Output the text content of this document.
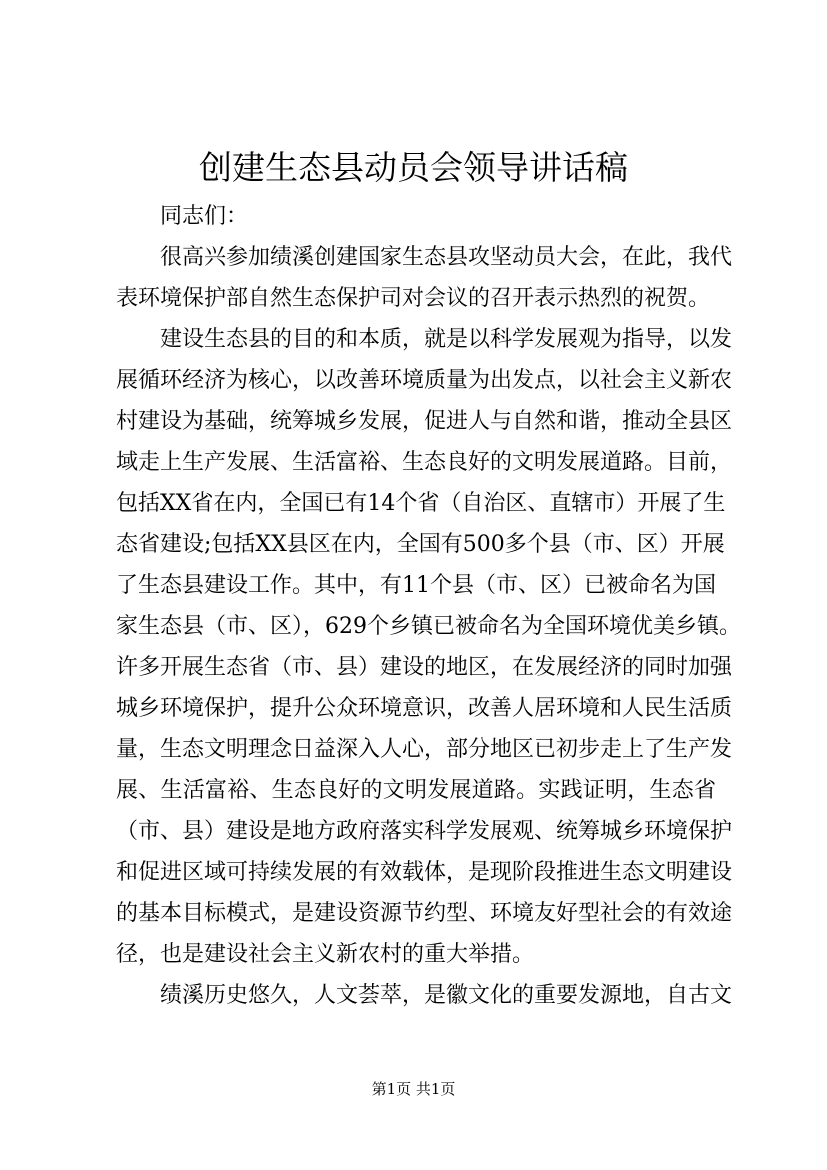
创建生态县动员会领导讲话稿
同志们：
很高兴参加绩溪创建国家生态县攻坚动员大会，在此，我代
表环境保护部自然生态保护司对会议的召开表示热烈的祝贺。
建设生态县的目的和本质，就是以科学发展观为指导，以发
展循环经济为核心，以改善环境质量为出发点，以社会主义新农
村建设为基础，统筹城乡发展，促进人与自然和谐，推动全县区
域走上生产发展、生活富裕、生态良好的文明发展道路。目前，
包括XX省在内，全国已有14个省（自治区、直辖市）开展了生
态省建设;包括XX县区在内，全国有500多个县（市、区）开展
了生态县建设工作。其中，有11个县（市、区）已被命名为国
家生态县（市、区），629个乡镇已被命名为全国环境优美乡镇。
许多开展生态省（市、县）建设的地区，在发展经济的同时加强
城乡环境保护，提升公众环境意识，改善人居环境和人民生活质
量，生态文明理念日益深入人心，部分地区已初步走上了生产发
展、生活富裕、生态良好的文明发展道路。实践证明，生态省
（市、县）建设是地方政府落实科学发展观、统筹城乡环境保护
和促进区域可持续发展的有效载体，是现阶段推进生态文明建设
的基本目标模式，是建设资源节约型、环境友好型社会的有效途
径，也是建设社会主义新农村的重大举措。
绩溪历史悠久，人文荟萃，是徽文化的重要发源地，自古文
第1页 共1页
